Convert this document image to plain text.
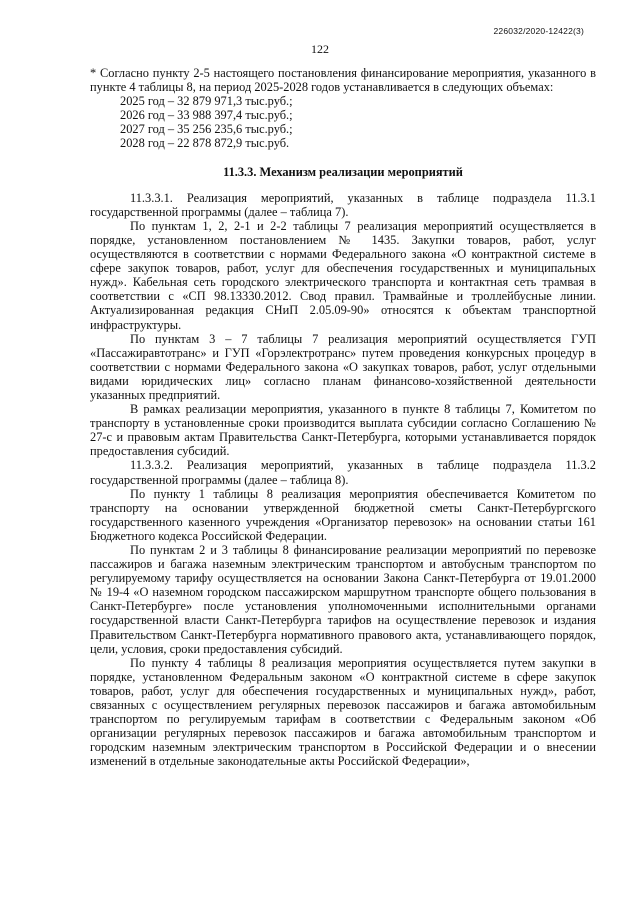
226032/2020-12422(3)
122

* Согласно пункту 2-5 настоящего постановления финансирование мероприятия, указанного в пункте 4 таблицы 8, на период 2025-2028 годов устанавливается в следующих объемах:

2025 год – 32 879 971,3 тыс.руб.;

2026 год – 33 988 397,4 тыс.руб.;

2027 год – 35 256 235,6 тыс.руб.;

2028 год – 22 878 872,9 тыс.руб.

11.3.3. Механизм реализации мероприятий

11.3.3.1. Реализация мероприятий, указанных в таблице подраздела 11.3.1 государственной программы (далее – таблица 7).

По пунктам 1, 2, 2-1 и 2-2 таблицы 7 реализация мероприятий осуществляется в порядке, установленном постановлением № 1435. Закупки товаров, работ, услуг осуществляются в соответствии с нормами Федерального закона «О контрактной системе в сфере закупок товаров, работ, услуг для обеспечения государственных и муниципальных нужд». Кабельная сеть городского электрического транспорта и контактная сеть трамвая в соответствии с «СП 98.13330.2012. Свод правил. Трамвайные и троллейбусные линии. Актуализированная редакция СНиП 2.05.09-90» относятся к объектам транспортной инфраструктуры.

По пунктам 3 – 7 таблицы 7 реализация мероприятий осуществляется ГУП «Пассажиравтотранс» и ГУП «Горэлектротранс» путем проведения конкурсных процедур в соответствии с нормами Федерального закона «О закупках товаров, работ, услуг отдельными видами юридических лиц» согласно планам финансово-хозяйственной деятельности указанных предприятий.

В рамках реализации мероприятия, указанного в пункте 8 таблицы 7, Комитетом по транспорту в установленные сроки производится выплата субсидии согласно Соглашению № 27-с и правовым актам Правительства Санкт-Петербурга, которыми устанавливается порядок предоставления субсидий.

11.3.3.2. Реализация мероприятий, указанных в таблице подраздела 11.3.2 государственной программы (далее – таблица 8).

По пункту 1 таблицы 8 реализация мероприятия обеспечивается Комитетом по транспорту на основании утвержденной бюджетной сметы Санкт-Петербургского государственного казенного учреждения «Организатор перевозок» на основании статьи 161 Бюджетного кодекса Российской Федерации.

По пунктам 2 и 3 таблицы 8 финансирование реализации мероприятий по перевозке пассажиров и багажа наземным электрическим транспортом и автобусным транспортом по регулируемому тарифу осуществляется на основании Закона Санкт-Петербурга от 19.01.2000 № 19-4 «О наземном городском пассажирском маршрутном транспорте общего пользования в Санкт-Петербурге» после установления уполномоченными исполнительными органами государственной власти Санкт-Петербурга тарифов на осуществление перевозок и издания Правительством Санкт-Петербурга нормативного правового акта, устанавливающего порядок, цели, условия, сроки предоставления субсидий.

По пункту 4 таблицы 8 реализация мероприятия осуществляется путем закупки в порядке, установленном Федеральным законом «О контрактной системе в сфере закупок товаров, работ, услуг для обеспечения государственных и муниципальных нужд», работ, связанных с осуществлением регулярных перевозок пассажиров и багажа автомобильным транспортом по регулируемым тарифам в соответствии с Федеральным законом «Об организации регулярных перевозок пассажиров и багажа автомобильным транспортом и городским наземным электрическим транспортом в Российской Федерации и о внесении изменений в отдельные законодательные акты Российской Федерации»,
